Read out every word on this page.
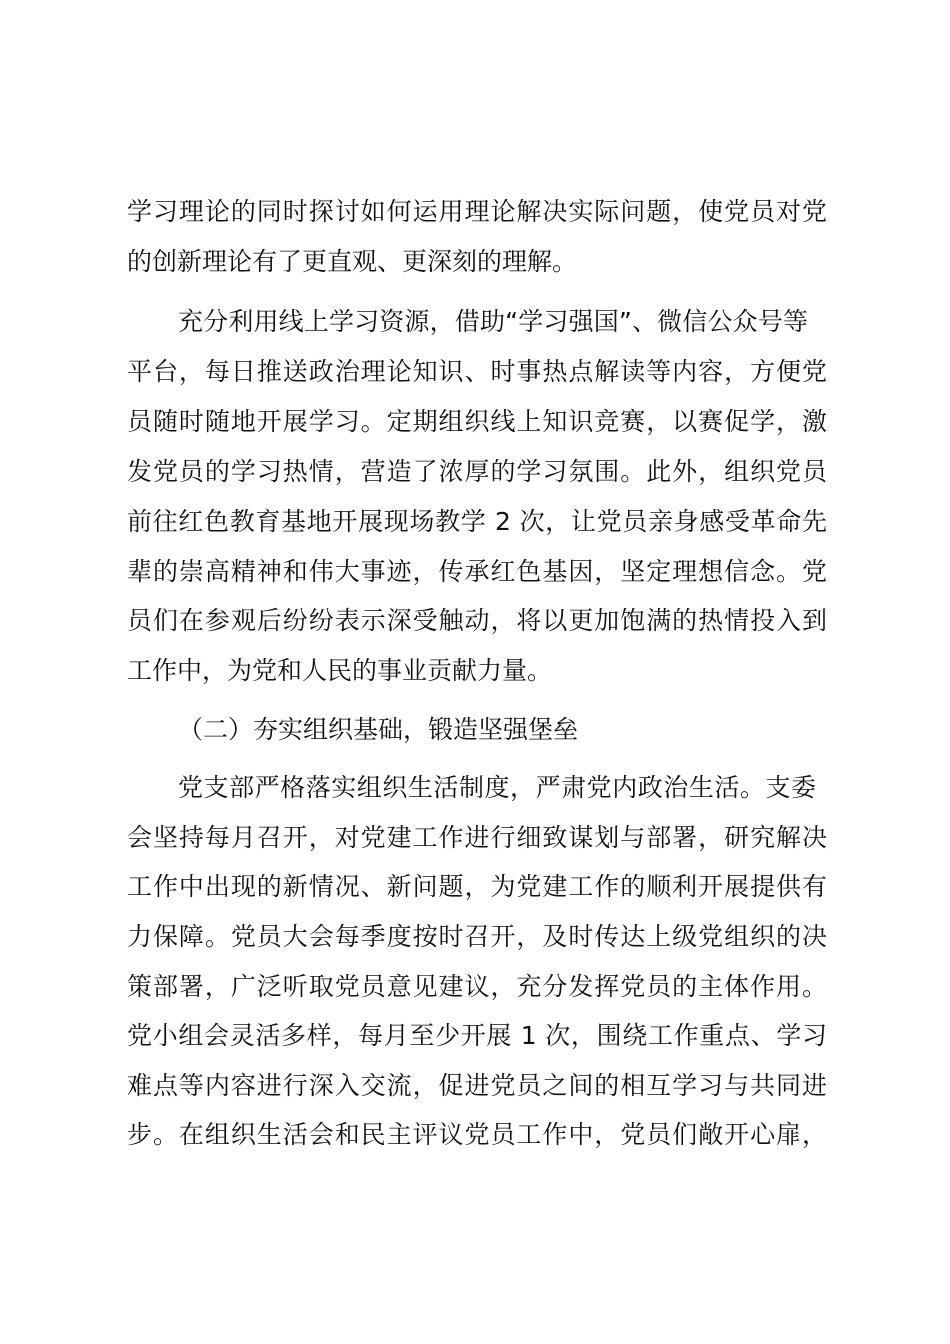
学习理论的同时探讨如何运用理论解决实际问题，使党员对党
的创新理论有了更直观、更深刻的理解。
充分利用线上学习资源，借助“学习强国”、微信公众号等
平台，每日推送政治理论知识、时事热点解读等内容，方便党
员随时随地开展学习。定期组织线上知识竞赛，以赛促学，激
发党员的学习热情，营造了浓厚的学习氛围。此外，组织党员
前往红色教育基地开展现场教学 2 次，让党员亲身感受革命先
辈的崇高精神和伟大事迹，传承红色基因，坚定理想信念。党
员们在参观后纷纷表示深受触动，将以更加饱满的热情投入到
工作中，为党和人民的事业贡献力量。
（二）夯实组织基础，锻造坚强堡垒
党支部严格落实组织生活制度，严肃党内政治生活。支委
会坚持每月召开，对党建工作进行细致谋划与部署，研究解决
工作中出现的新情况、新问题，为党建工作的顺利开展提供有
力保障。党员大会每季度按时召开，及时传达上级党组织的决
策部署，广泛听取党员意见建议，充分发挥党员的主体作用。
党小组会灵活多样，每月至少开展 1 次，围绕工作重点、学习
难点等内容进行深入交流，促进党员之间的相互学习与共同进
步。在组织生活会和民主评议党员工作中，党员们敞开心扉，
